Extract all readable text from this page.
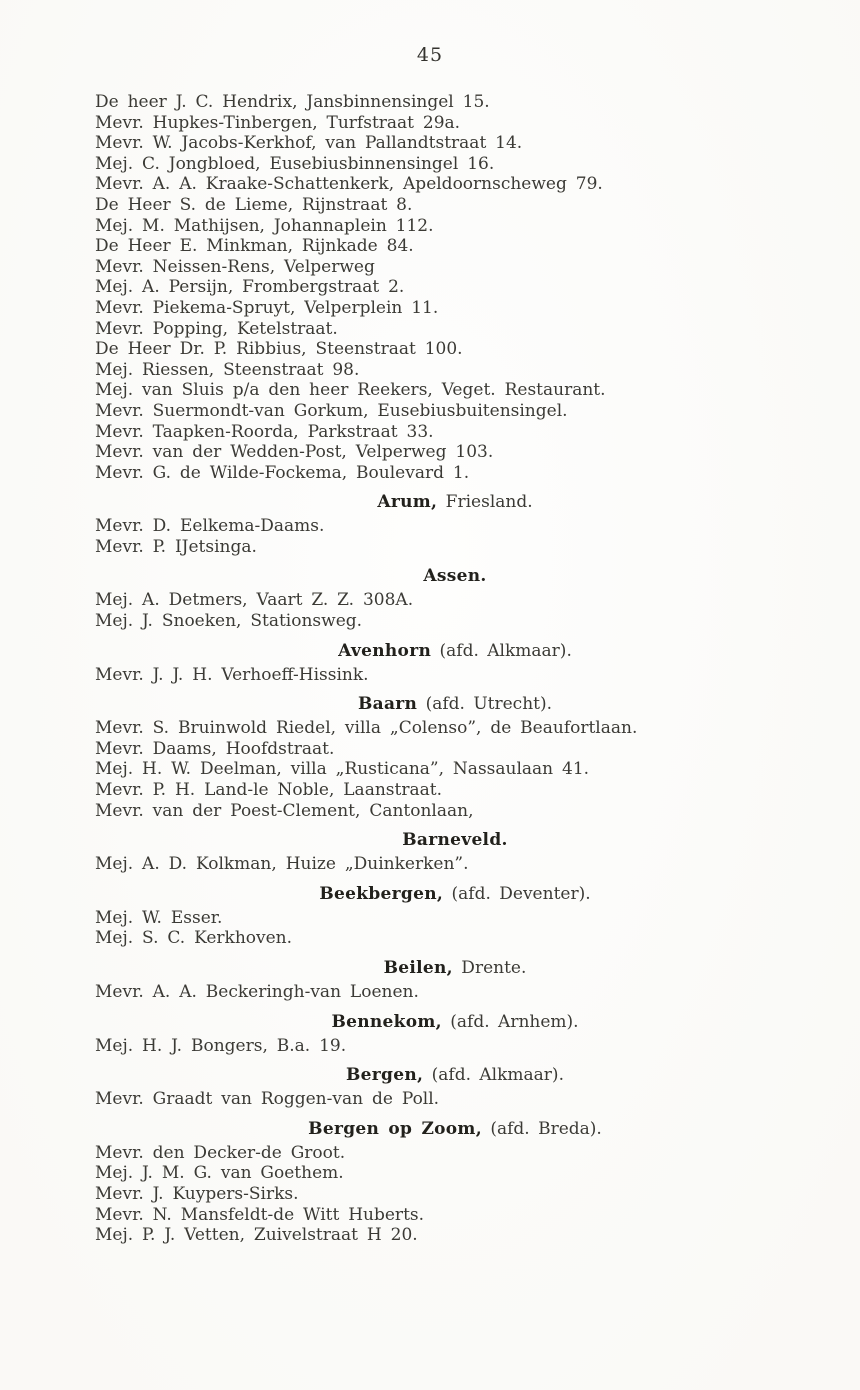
45

De heer J. C. Hendrix, Jansbinnensingel 15.

Mevr. Hupkes-Tinbergen, Turfstraat 29a.

Mevr. W. Jacobs-Kerkhof, van Pallandtstraat 14.

Mej. C. Jongbloed, Eusebiusbinnensingel 16.

Mevr. A. A. Kraake-Schattenkerk, Apeldoornscheweg 79.

De Heer S. de Lieme, Rijnstraat 8.

Mej. M. Mathijsen, Johannaplein 112.

De Heer E. Minkman, Rijnkade 84.

Mevr. Neissen-Rens, Velperweg

Mej. A. Persijn, Frombergstraat 2.

Mevr. Piekema-Spruyt, Velperplein 11.

Mevr. Popping, Ketelstraat.

De Heer Dr. P. Ribbius, Steenstraat 100.

Mej. Riessen, Steenstraat 98.

Mej. van Sluis p/a den heer Reekers, Veget. Restaurant.

Mevr. Suermondt-van Gorkum, Eusebiusbuitensingel.

Mevr. Taapken-Roorda, Parkstraat 33.

Mevr. van der Wedden-Post, Velperweg 103.

Mevr. G. de Wilde-Fockema, Boulevard 1.

Arum, Friesland.

Mevr. D. Eelkema-Daams.

Mevr. P. IJetsinga.

Assen.

Mej. A. Detmers, Vaart Z. Z. 308A.

Mej. J. Snoeken, Stationsweg.

Avenhorn (afd. Alkmaar).

Mevr. J. J. H. Verhoeff-Hissink.

Baarn (afd. Utrecht).

Mevr. S. Bruinwold Riedel, villa „Colenso”, de Beaufortlaan.

Mevr. Daams, Hoofdstraat.

Mej. H. W. Deelman, villa „Rusticana”, Nassaulaan 41.

Mevr. P. H. Land-le Noble, Laanstraat.

Mevr. van der Poest-Clement, Cantonlaan,

Barneveld.

Mej. A. D. Kolkman, Huize „Duinkerken”.

Beekbergen, (afd. Deventer).

Mej. W. Esser.

Mej. S. C. Kerkhoven.

Beilen, Drente.

Mevr. A. A. Beckeringh-van Loenen.

Bennekom, (afd. Arnhem).

Mej. H. J. Bongers, B.a. 19.

Bergen, (afd. Alkmaar).

Mevr. Graadt van Roggen-van de Poll.

Bergen op Zoom, (afd. Breda).

Mevr. den Decker-de Groot.

Mej. J. M. G. van Goethem.

Mevr. J. Kuypers-Sirks.

Mevr. N. Mansfeldt-de Witt Huberts.

Mej. P. J. Vetten, Zuivelstraat H 20.
